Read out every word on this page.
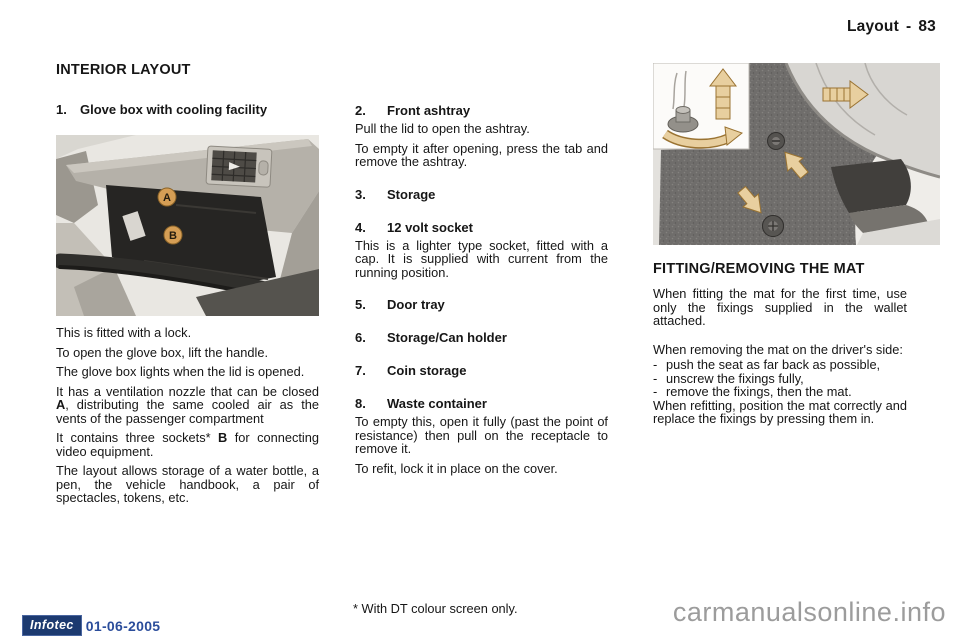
Layout - 83
INTERIOR LAYOUT
1.	Glove box with cooling facility
A
B

This is fitted with a lock.

To open the glove box, lift the handle.

The glove box lights when the lid is opened.

It has a ventilation nozzle that can be closed A, distributing the same cooled air as the vents of the passenger compartment

It contains three sockets* B for connecting video equipment.

The layout allows storage of a water bottle, a pen, the vehicle handbook, a pair of spectacles, tokens, etc.

2.	Front ashtray

Pull the lid to open the ashtray.

To empty it after opening, press the tab and remove the ashtray.

3.	Storage
4.	12 volt socket

This is a lighter type socket, fitted with a cap. It is supplied with current from the running position.

5.	Door tray
6.	Storage/Can holder
7.	Coin storage
8.	Waste container

To empty this, open it fully (past the point of resistance) then pull on the receptacle to remove it.

To refit, lock it in place on the cover.

FITTING/REMOVING THE MAT

When fitting the mat for the first time, use only the fixings supplied in the wallet attached.

When removing the mat on the driver's side:

- push the seat as far back as possible,
- unscrew the fixings fully,
- remove the fixings, then the mat.

When refitting, position the mat correctly and replace the fixings by pressing them in.

* With DT colour screen only.
Infotec 01-06-2005	carmanualsonline.info
